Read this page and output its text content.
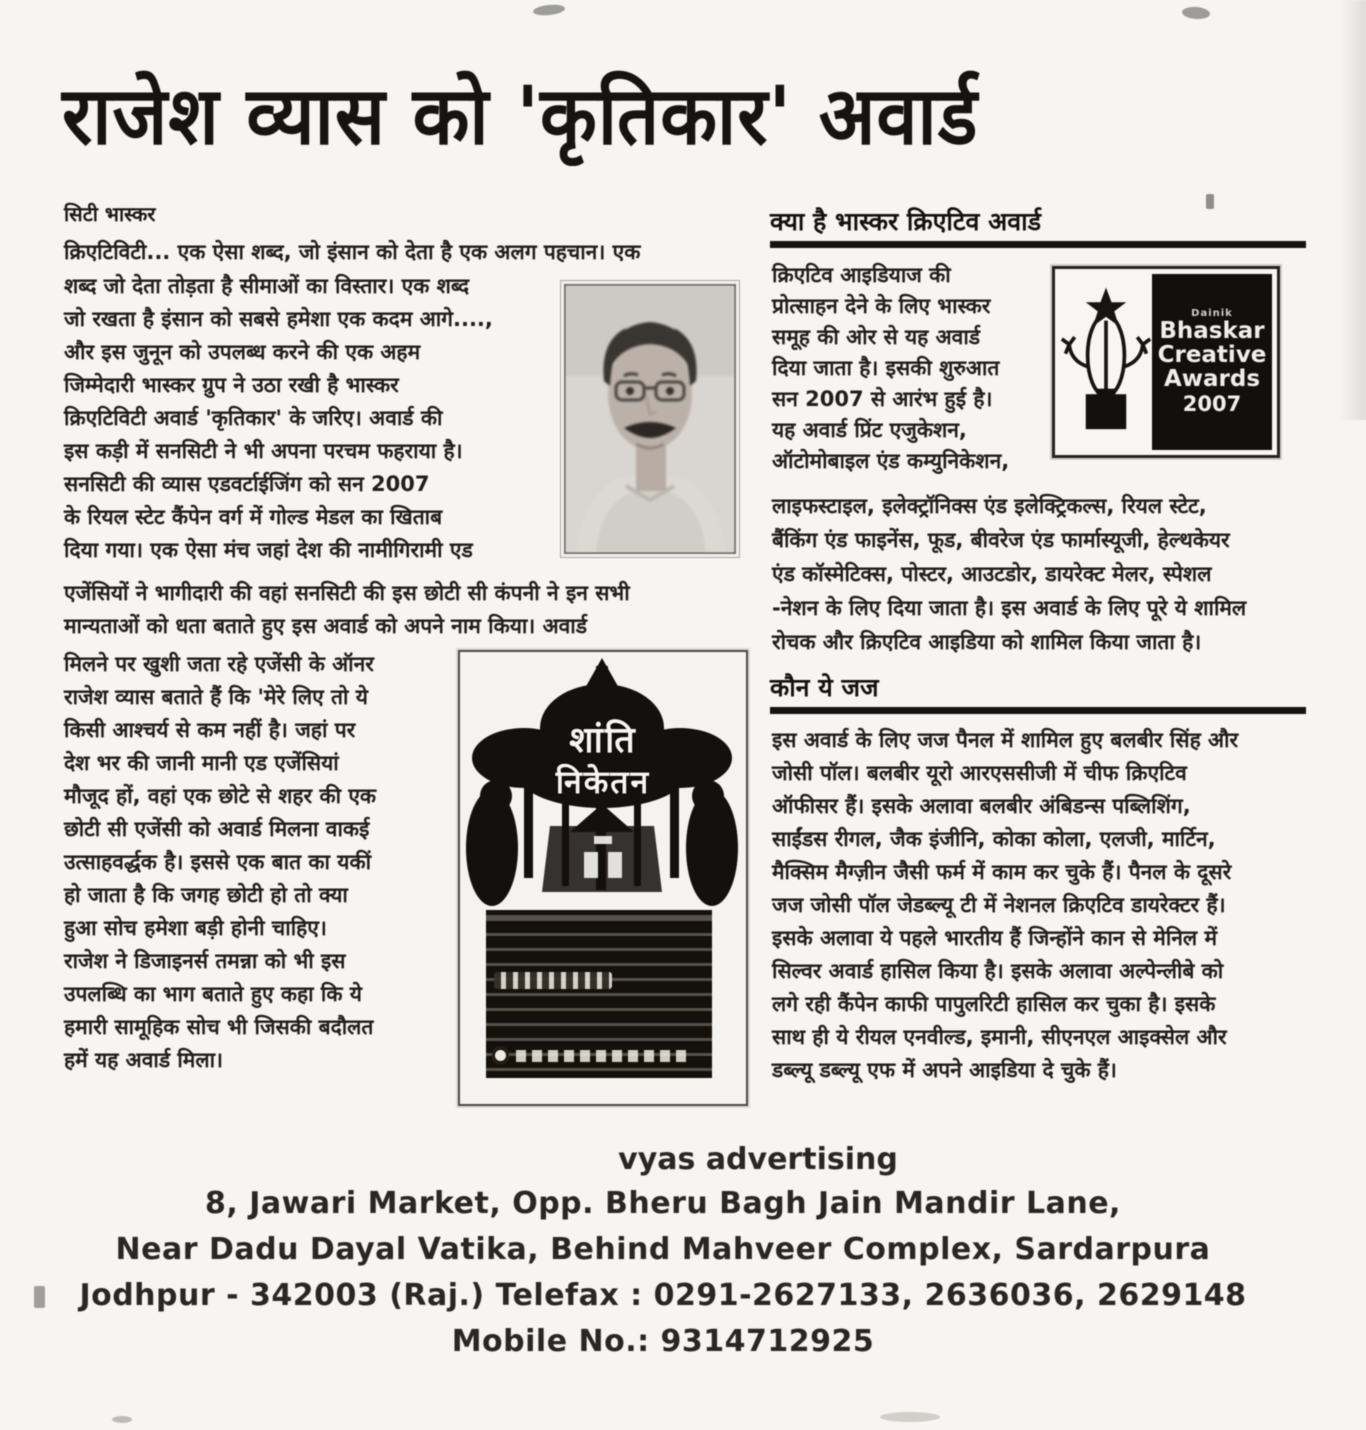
राजेश व्यास को 'कृतिकार' अवार्ड
सिटी भास्कर
क्रिएटिविटी... एक ऐसा शब्द, जो इंसान को देता है एक अलग पहचान। एक
शब्द जो देता तोड़ता है सीमाओं का विस्तार। एक शब्द
जो रखता है इंसान को सबसे हमेशा एक कदम आगे....,
और इस जुनून को उपलब्ध करने की एक अहम
जिम्मेदारी भास्कर ग्रुप ने उठा रखी है भास्कर
क्रिएटिविटी अवार्ड 'कृतिकार' के जरिए। अवार्ड की
इस कड़ी में सनसिटी ने भी अपना परचम फहराया है।
सनसिटी की व्यास एडवर्टाईजिंग को सन 2007
के रियल स्टेट कैंपेन वर्ग में गोल्ड मेडल का खिताब
दिया गया। एक ऐसा मंच जहां देश की नामीगिरामी एड
एजेंसियों ने भागीदारी की वहां सनसिटी की इस छोटी सी कंपनी ने इन सभी
मान्यताओं को धता बताते हुए इस अवार्ड को अपने नाम किया। अवार्ड
मिलने पर खुशी जता रहे एजेंसी के ऑनर
राजेश व्यास बताते हैं कि 'मेरे लिए तो ये
किसी आश्चर्य से कम नहीं है। जहां पर
देश भर की जानी मानी एड एजेंसियां
मौजूद हों, वहां एक छोटे से शहर की एक
छोटी सी एजेंसी को अवार्ड मिलना वाकई
उत्साहवर्द्धक है। इससे एक बात का यकीं
हो जाता है कि जगह छोटी हो तो क्या
हुआ सोच हमेशा बड़ी होनी चाहिए।
राजेश ने डिजाइनर्स तमन्ना को भी इस
उपलब्धि का भाग बताते हुए कहा कि ये
हमारी सामूहिक सोच भी जिसकी बदौलत
हमें यह अवार्ड मिला।
शांति
निकेतन
क्या है भास्कर क्रिएटिव अवार्ड
क्रिएटिव आइडियाज की
प्रोत्साहन देने के लिए भास्कर
समूह की ओर से यह अवार्ड
दिया जाता है। इसकी शुरुआत
सन 2007 से आरंभ हुई है।
यह अवार्ड प्रिंट एजुकेशन,
ऑटोमोबाइल एंड कम्युनिकेशन,
लाइफस्टाइल, इलेक्ट्रॉनिक्स एंड इलेक्ट्रिकल्स, रियल स्टेट,
बैंकिंग एंड फाइनेंस, फूड, बीवरेज एंड फार्मास्यूजी, हेल्थकेयर
एंड कॉस्मेटिक्स, पोस्टर, आउटडोर, डायरेक्ट मेलर, स्पेशल
-नेशन के लिए दिया जाता है। इस अवार्ड के लिए पूरे ये शामिल
रोचक और क्रिएटिव आइडिया को शामिल किया जाता है।
Dainik
Bhaskar
Creative
Awards
2007
कौन ये जज
इस अवार्ड के लिए जज पैनल में शामिल हुए बलबीर सिंह और
जोसी पॉल। बलबीर यूरो आरएससीजी में चीफ क्रिएटिव
ऑफीसर हैं। इसके अलावा बलबीर अंबिडन्स पब्लिशिंग,
साईंडस रीगल, जैक इंजीनि, कोका कोला, एलजी, मार्टिन,
मैक्सिम मैग्ज़ीन जैसी फर्म में काम कर चुके हैं। पैनल के दूसरे
जज जोसी पॉल जेडब्ल्यू टी में नेशनल क्रिएटिव डायरेक्टर हैं।
इसके अलावा ये पहले भारतीय हैं जिन्होंने कान से मेनिल में
सिल्वर अवार्ड हासिल किया है। इसके अलावा अल्पेन्लीबे को
लगे रही कैंपेन काफी पापुलरिटी हासिल कर चुका है। इसके
साथ ही ये रीयल एनवील्ड, इमानी, सीएनएल आइक्सेल और
डब्ल्यू डब्ल्यू एफ में अपने आइडिया दे चुके हैं।
vyas advertising
8, Jawari Market, Opp. Bheru Bagh Jain Mandir Lane,
Near Dadu Dayal Vatika, Behind Mahveer Complex, Sardarpura
Jodhpur - 342003 (Raj.) Telefax : 0291-2627133, 2636036, 2629148
Mobile No.: 9314712925
